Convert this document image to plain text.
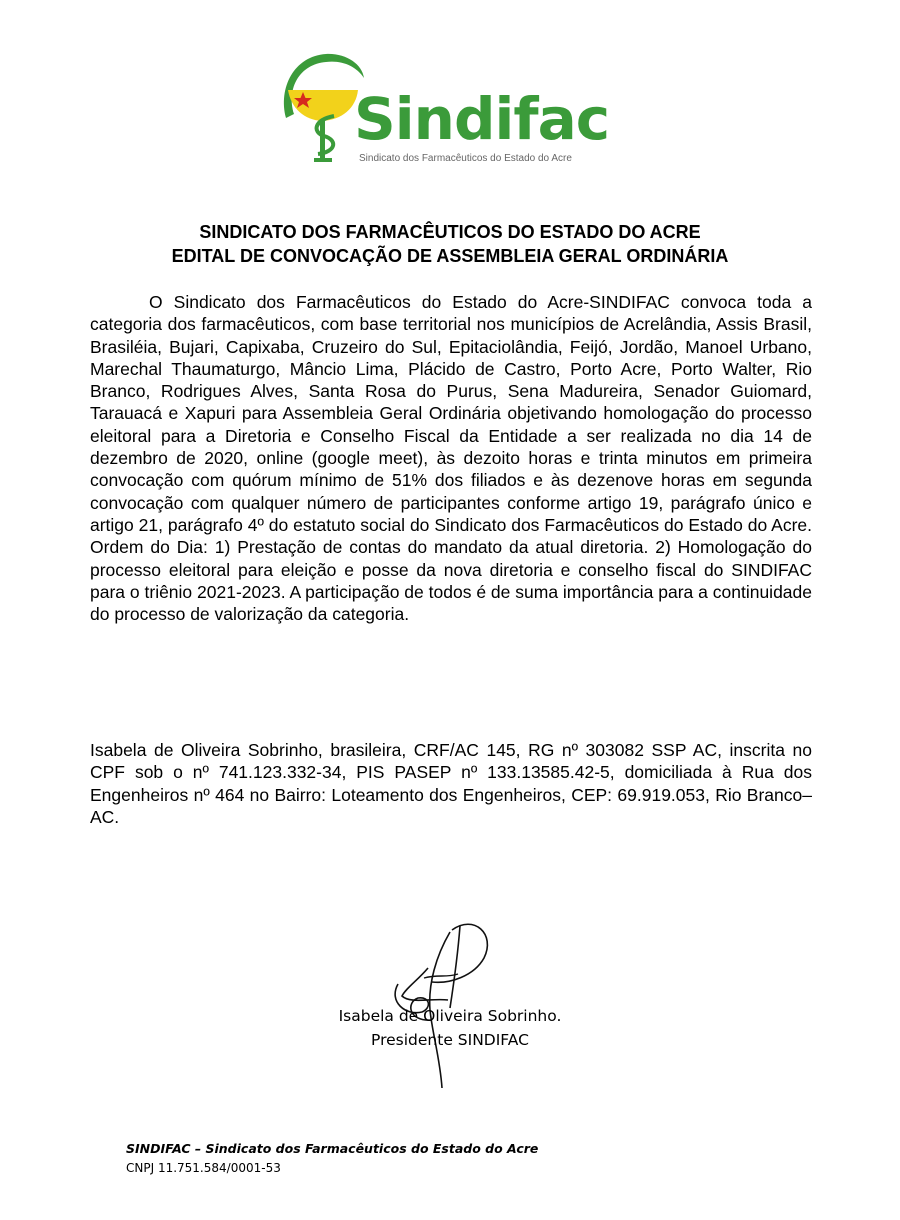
Sindifac
Sindicato dos Farmacêuticos do Estado do Acre
SINDICATO DOS FARMACÊUTICOS DO ESTADO DO ACRE
EDITAL DE CONVOCAÇÃO DE ASSEMBLEIA GERAL ORDINÁRIA
O Sindicato dos Farmacêuticos do Estado do Acre-SINDIFAC convoca toda a categoria dos farmacêuticos, com base territorial nos municípios de Acrelândia, Assis Brasil, Brasiléia, Bujari, Capixaba, Cruzeiro do Sul, Epitaciolândia, Feijó, Jordão, Manoel Urbano, Marechal Thaumaturgo, Mâncio Lima, Plácido de Castro, Porto Acre, Porto Walter, Rio Branco, Rodrigues Alves, Santa Rosa do Purus, Sena Madureira, Senador Guiomard, Tarauacá e Xapuri para Assembleia Geral Ordinária objetivando homologação do processo eleitoral para a Diretoria e Conselho Fiscal da Entidade a ser realizada no dia 14 de dezembro de 2020, online (google meet), às dezoito horas e trinta minutos em primeira convocação com quórum mínimo de 51% dos filiados e às dezenove horas em segunda convocação com qualquer número de participantes conforme artigo 19, parágrafo único e artigo 21, parágrafo 4º do estatuto social do Sindicato dos Farmacêuticos do Estado do Acre. Ordem do Dia: 1) Prestação de contas do mandato da atual diretoria. 2) Homologação do processo eleitoral para eleição e posse da nova diretoria e conselho fiscal do SINDIFAC para o triênio 2021-2023. A participação de todos é de suma importância para a continuidade do processo de valorização da categoria.
Isabela de Oliveira Sobrinho, brasileira, CRF/AC 145, RG nº 303082 SSP AC, inscrita no CPF sob o nº 741.123.332-34, PIS PASEP nº 133.13585.42-5, domiciliada à Rua dos Engenheiros nº 464 no Bairro: Loteamento dos Engenheiros, CEP: 69.919.053, Rio Branco–AC.
Isabela de Oliveira Sobrinho.
Presidente SINDIFAC
SINDIFAC – Sindicato dos Farmacêuticos do Estado do Acre
CNPJ 11.751.584/0001-53
